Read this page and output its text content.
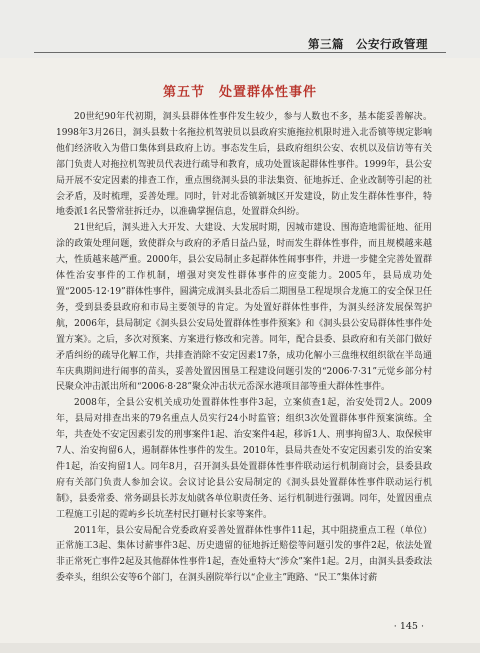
第三篇　公安行政管理
第五节　处置群体性事件

20世纪90年代初期，洞头县群体性事件发生较少，参与人数也不多，基本能妥善解决。1998年3月26日，洞头县数十名拖拉机驾驶员以县政府实施拖拉机限时进入北岙镇等规定影响他们经济收入为借口集体到县政府上访。事态发生后，县政府组织公安、农机以及信访等有关部门负责人对拖拉机驾驶员代表进行疏导和教育，成功处置该起群体性事件。1999年，县公安局开展不安定因素的排查工作，重点围绕洞头县的非法集资、征地拆迁、企业改制等引起的社会矛盾，及时梳理，妥善处理。同时，针对北岙镇新城区开发建设，防止发生群体性事件，特地委派1名民警常驻拆迁办，以准确掌握信息，处置群众纠纷。

21世纪后，洞头进入大开发、大建设、大发展时期，因城市建设、围海造地需征地、征用涂的政策处理问题，致使群众与政府的矛盾日益凸显，时而发生群体性事件，而且规模越来越大，性质越来越严重。2000年，县公安局制止多起群体性闹事事件，并进一步健全完善处置群体性治安事件的工作机制，增强对突发性群体事件的应变能力。2005年，县局成功处置“2005·12·19”群体性事件，圆满完成洞头县北岙后二期围垦工程堤坝合龙施工的安全保卫任务，受到县委县政府和市局主要领导的肯定。为处置好群体性事件，为洞头经济发展保驾护航，2006年，县局制定《洞头县公安局处置群体性事件预案》和《洞头县公安局群体性事件处置方案》。之后，多次对预案、方案进行修改和完善。同年，配合县委、县政府和有关部门做好矛盾纠纷的疏导化解工作，共排查消除不安定因素17条，成功化解小三盘维权组织欲在半岛通车庆典期间进行闹事的苗头，妥善处置因围垦工程建设问题引发的“2006·7·31”元觉乡部分村民聚众冲击派出所和“2006·8·28”聚众冲击状元岙深水港项目部等重大群体性事件。

2008年，全县公安机关成功处置群体性事件3起，立案侦查1起，治安处罚2人。2009年，县局对排查出来的79名重点人员实行24小时监管；组织3次处置群体事件预案演练。全年，共查处不安定因素引发的刑事案件1起、治安案件4起，移诉1人、刑事拘留3人、取保候审7人、治安拘留6人，遏制群体性事件的发生。2010年，县局共查处不安定因素引发的治安案件1起，治安拘留1人。同年8月，召开洞头县处置群体性事件联动运行机制商讨会，县委县政府有关部门负责人参加会议。会议讨论县公安局制定的《洞头县处置群体性事件联动运行机制》，县委常委、常务副县长苏友灿就各单位职责任务、运行机制进行强调。同年，处置因重点工程施工引起的霓屿乡长坑垄村民打砸村长家等案件。

2011年，县公安局配合党委政府妥善处置群体性事件11起，其中阻挠重点工程（单位）正常施工3起、集体讨薪事件3起、历史遗留的征地拆迁赔偿等问题引发的事件2起，依法处置非正常死亡事件2起及其他群体性事件1起，查处重特大“涉众”案件1起。2月，由洞头县委政法委牵头，组织公安等6个部门，在洞头剧院举行以“企业主”跑路、“民工”集体讨薪

· 145 ·
